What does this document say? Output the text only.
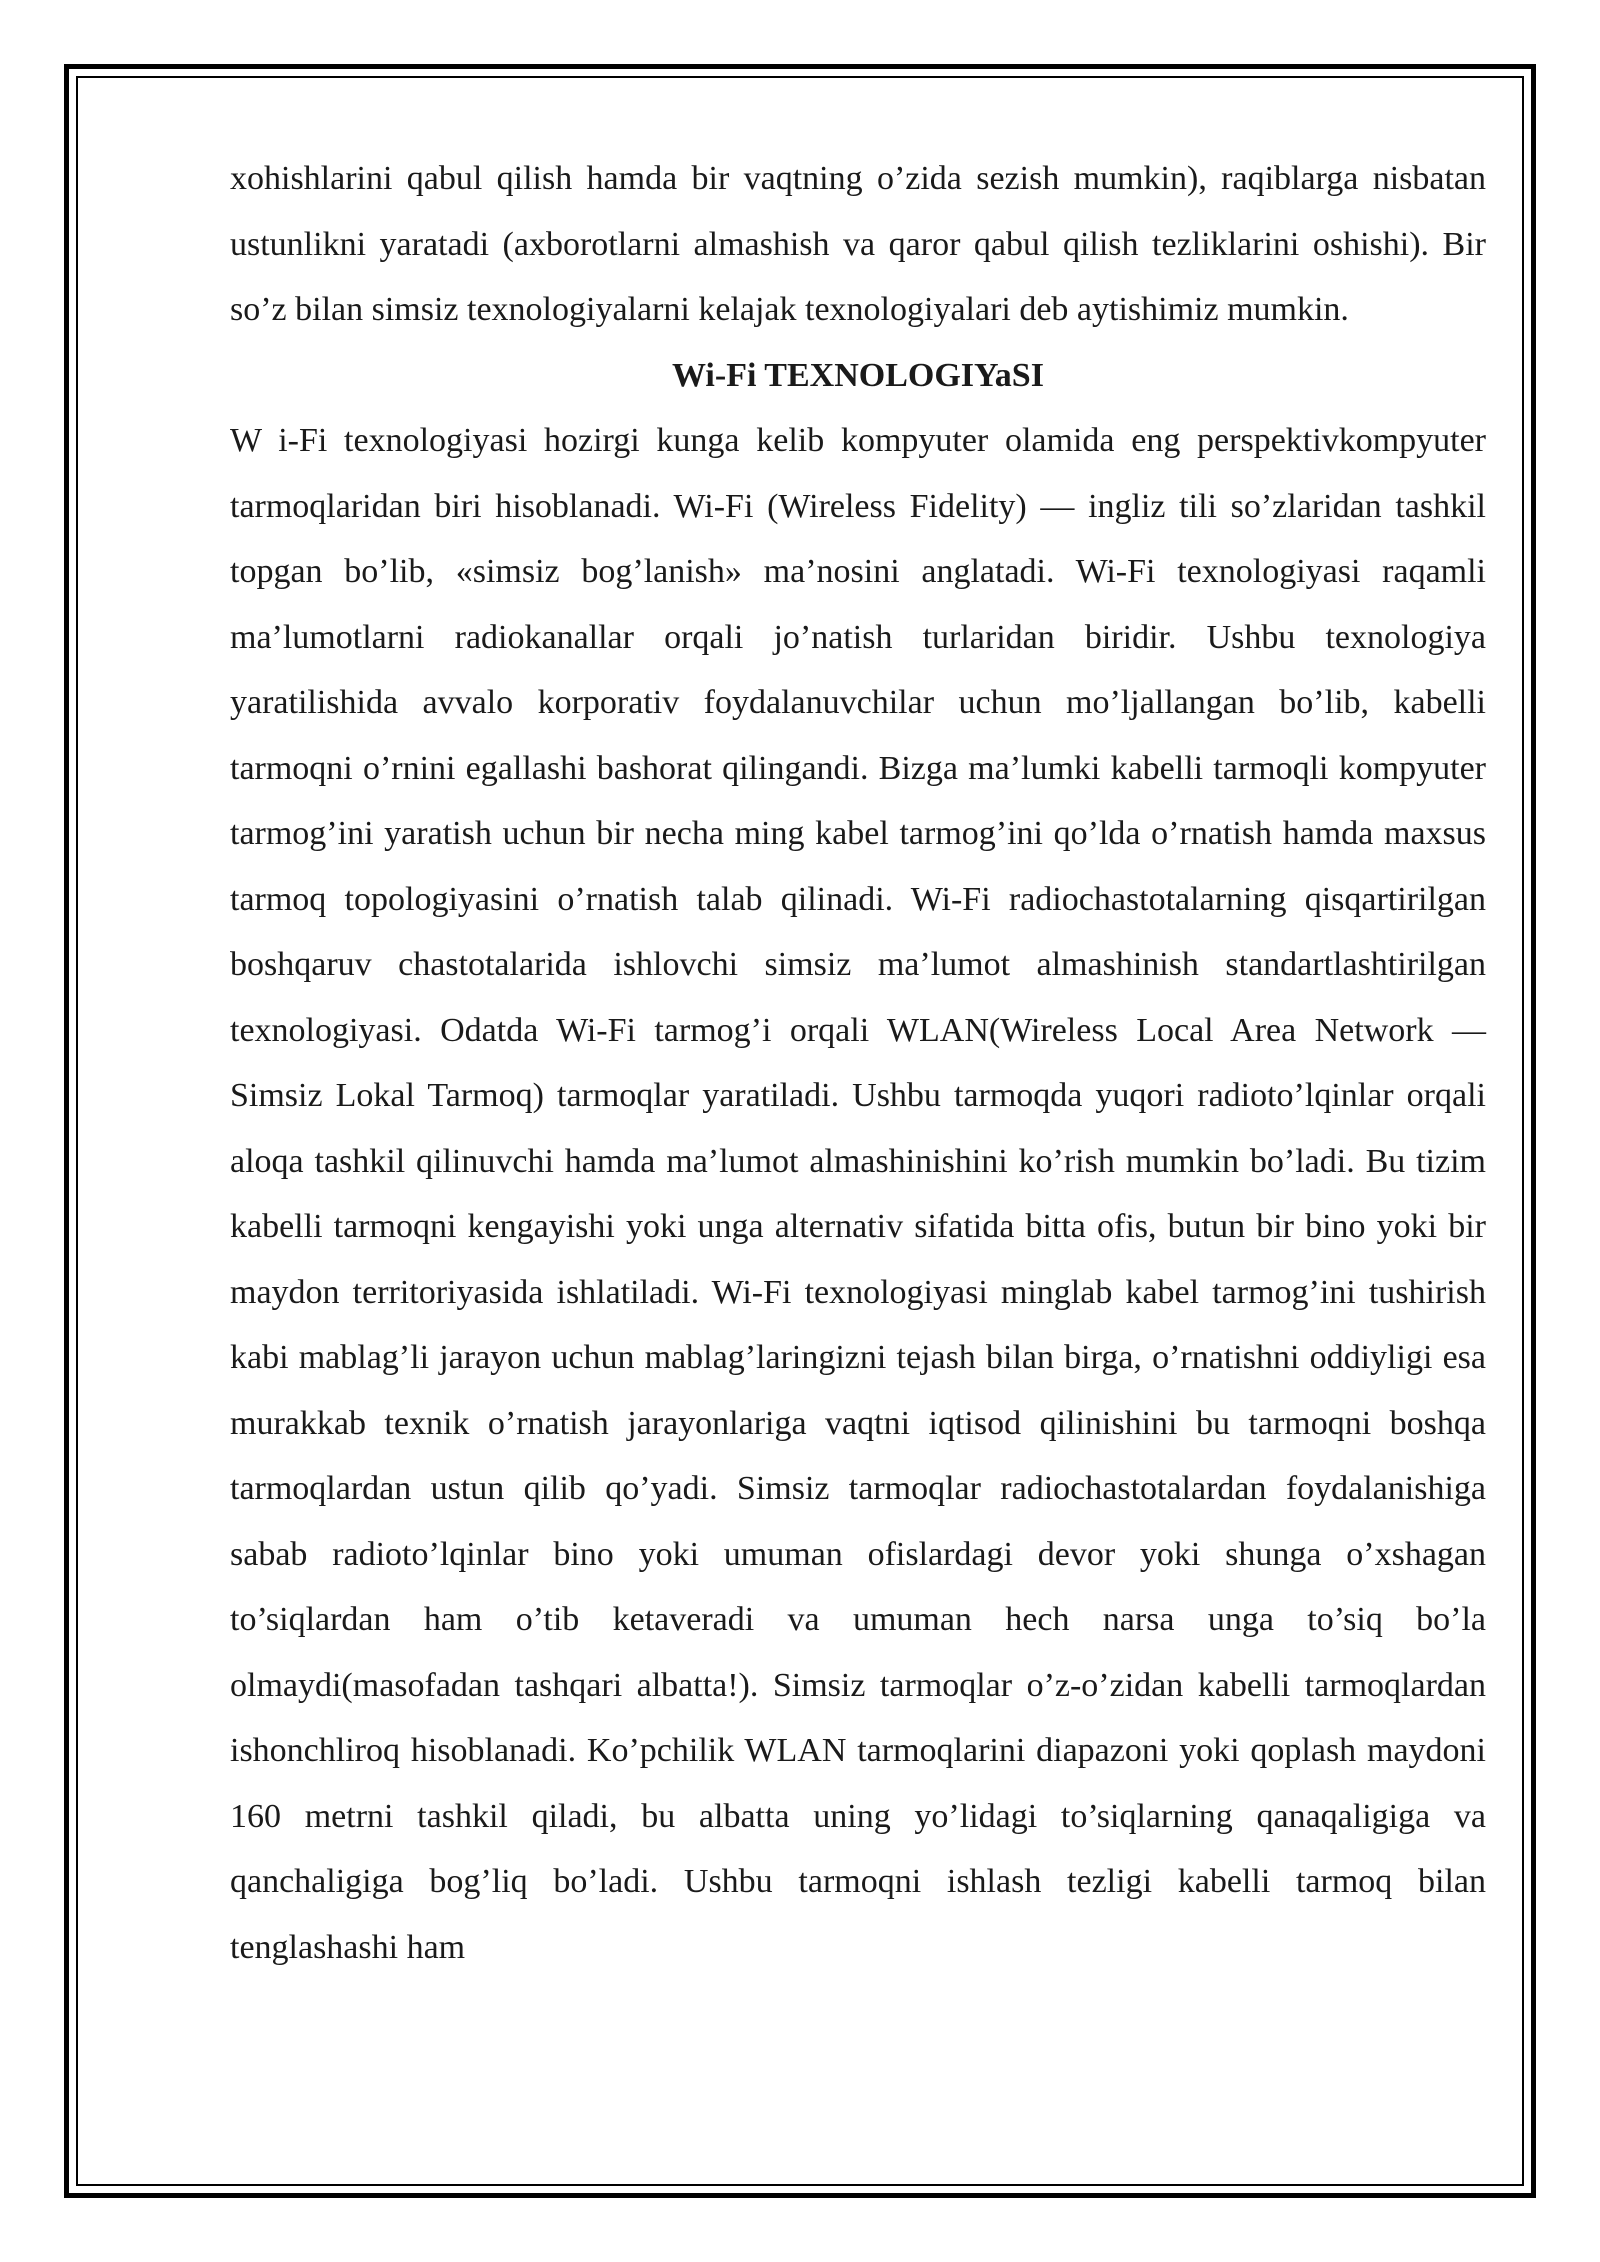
xohishlarini qabul qilish hamda bir vaqtning o’zida sezish mumkin), raqiblarga nisbatan ustunlikni yaratadi (axborotlarni almashish va qaror qabul qilish tezliklarini oshishi). Bir so’z bilan simsiz texnologiyalarni kelajak texnologiyalari deb aytishimiz mumkin.

Wi-Fi TEXNOLOGIYaSI

W i-Fi texnologiyasi hozirgi kunga kelib kompyuter olamida eng perspektivkompyuter tarmoqlaridan biri hisoblanadi. Wi-Fi (Wireless Fidelity) — ingliz tili so’zlaridan tashkil topgan bo’lib, «simsiz bog’lanish» ma’nosini anglatadi. Wi-Fi texnologiyasi raqamli ma’lumotlarni radiokanallar orqali jo’natish turlaridan biridir. Ushbu texnologiya yaratilishida avvalo korporativ foydalanuvchilar uchun mo’ljallangan bo’lib, kabelli tarmoqni o’rnini egallashi bashorat qilingandi. Bizga ma’lumki kabelli tarmoqli kompyuter tarmog’ini yaratish uchun bir necha ming kabel tarmog’ini qo’lda o’rnatish hamda maxsus tarmoq topologiyasini o’rnatish talab qilinadi. Wi-Fi radiochastotalarning qisqartirilgan boshqaruv chastotalarida ishlovchi simsiz ma’lumot almashinish standartlashtirilgan texnologiyasi. Odatda Wi-Fi tarmog’i orqali WLAN(Wireless Local Area Network — Simsiz Lokal Tarmoq) tarmoqlar yaratiladi. Ushbu tarmoqda yuqori radioto’lqinlar orqali aloqa tashkil qilinuvchi hamda ma’lumot almashinishini ko’rish mumkin bo’ladi. Bu tizim kabelli tarmoqni kengayishi yoki unga alternativ sifatida bitta ofis, butun bir bino yoki bir maydon territoriyasida ishlatiladi. Wi-Fi texnologiyasi minglab kabel tarmog’ini tushirish kabi mablag’li jarayon uchun mablag’laringizni tejash bilan birga, o’rnatishni oddiyligi esa murakkab texnik o’rnatish jarayonlariga vaqtni iqtisod qilinishini bu tarmoqni boshqa tarmoqlardan ustun qilib qo’yadi. Simsiz tarmoqlar radiochastotalardan foydalanishiga sabab radioto’lqinlar bino yoki umuman ofislardagi devor yoki shunga o’xshagan to’siqlardan ham o’tib ketaveradi va umuman hech narsa unga to’siq bo’la olmaydi(masofadan tashqari albatta!). Simsiz tarmoqlar o’z-o’zidan kabelli tarmoqlardan ishonchliroq hisoblanadi. Ko’pchilik WLAN tarmoqlarini diapazoni yoki qoplash maydoni 160 metrni tashkil qiladi, bu albatta uning yo’lidagi to’siqlarning qanaqaligiga va qanchaligiga bog’liq bo’ladi. Ushbu tarmoqni ishlash tezligi kabelli tarmoq bilan tenglashashi ham
